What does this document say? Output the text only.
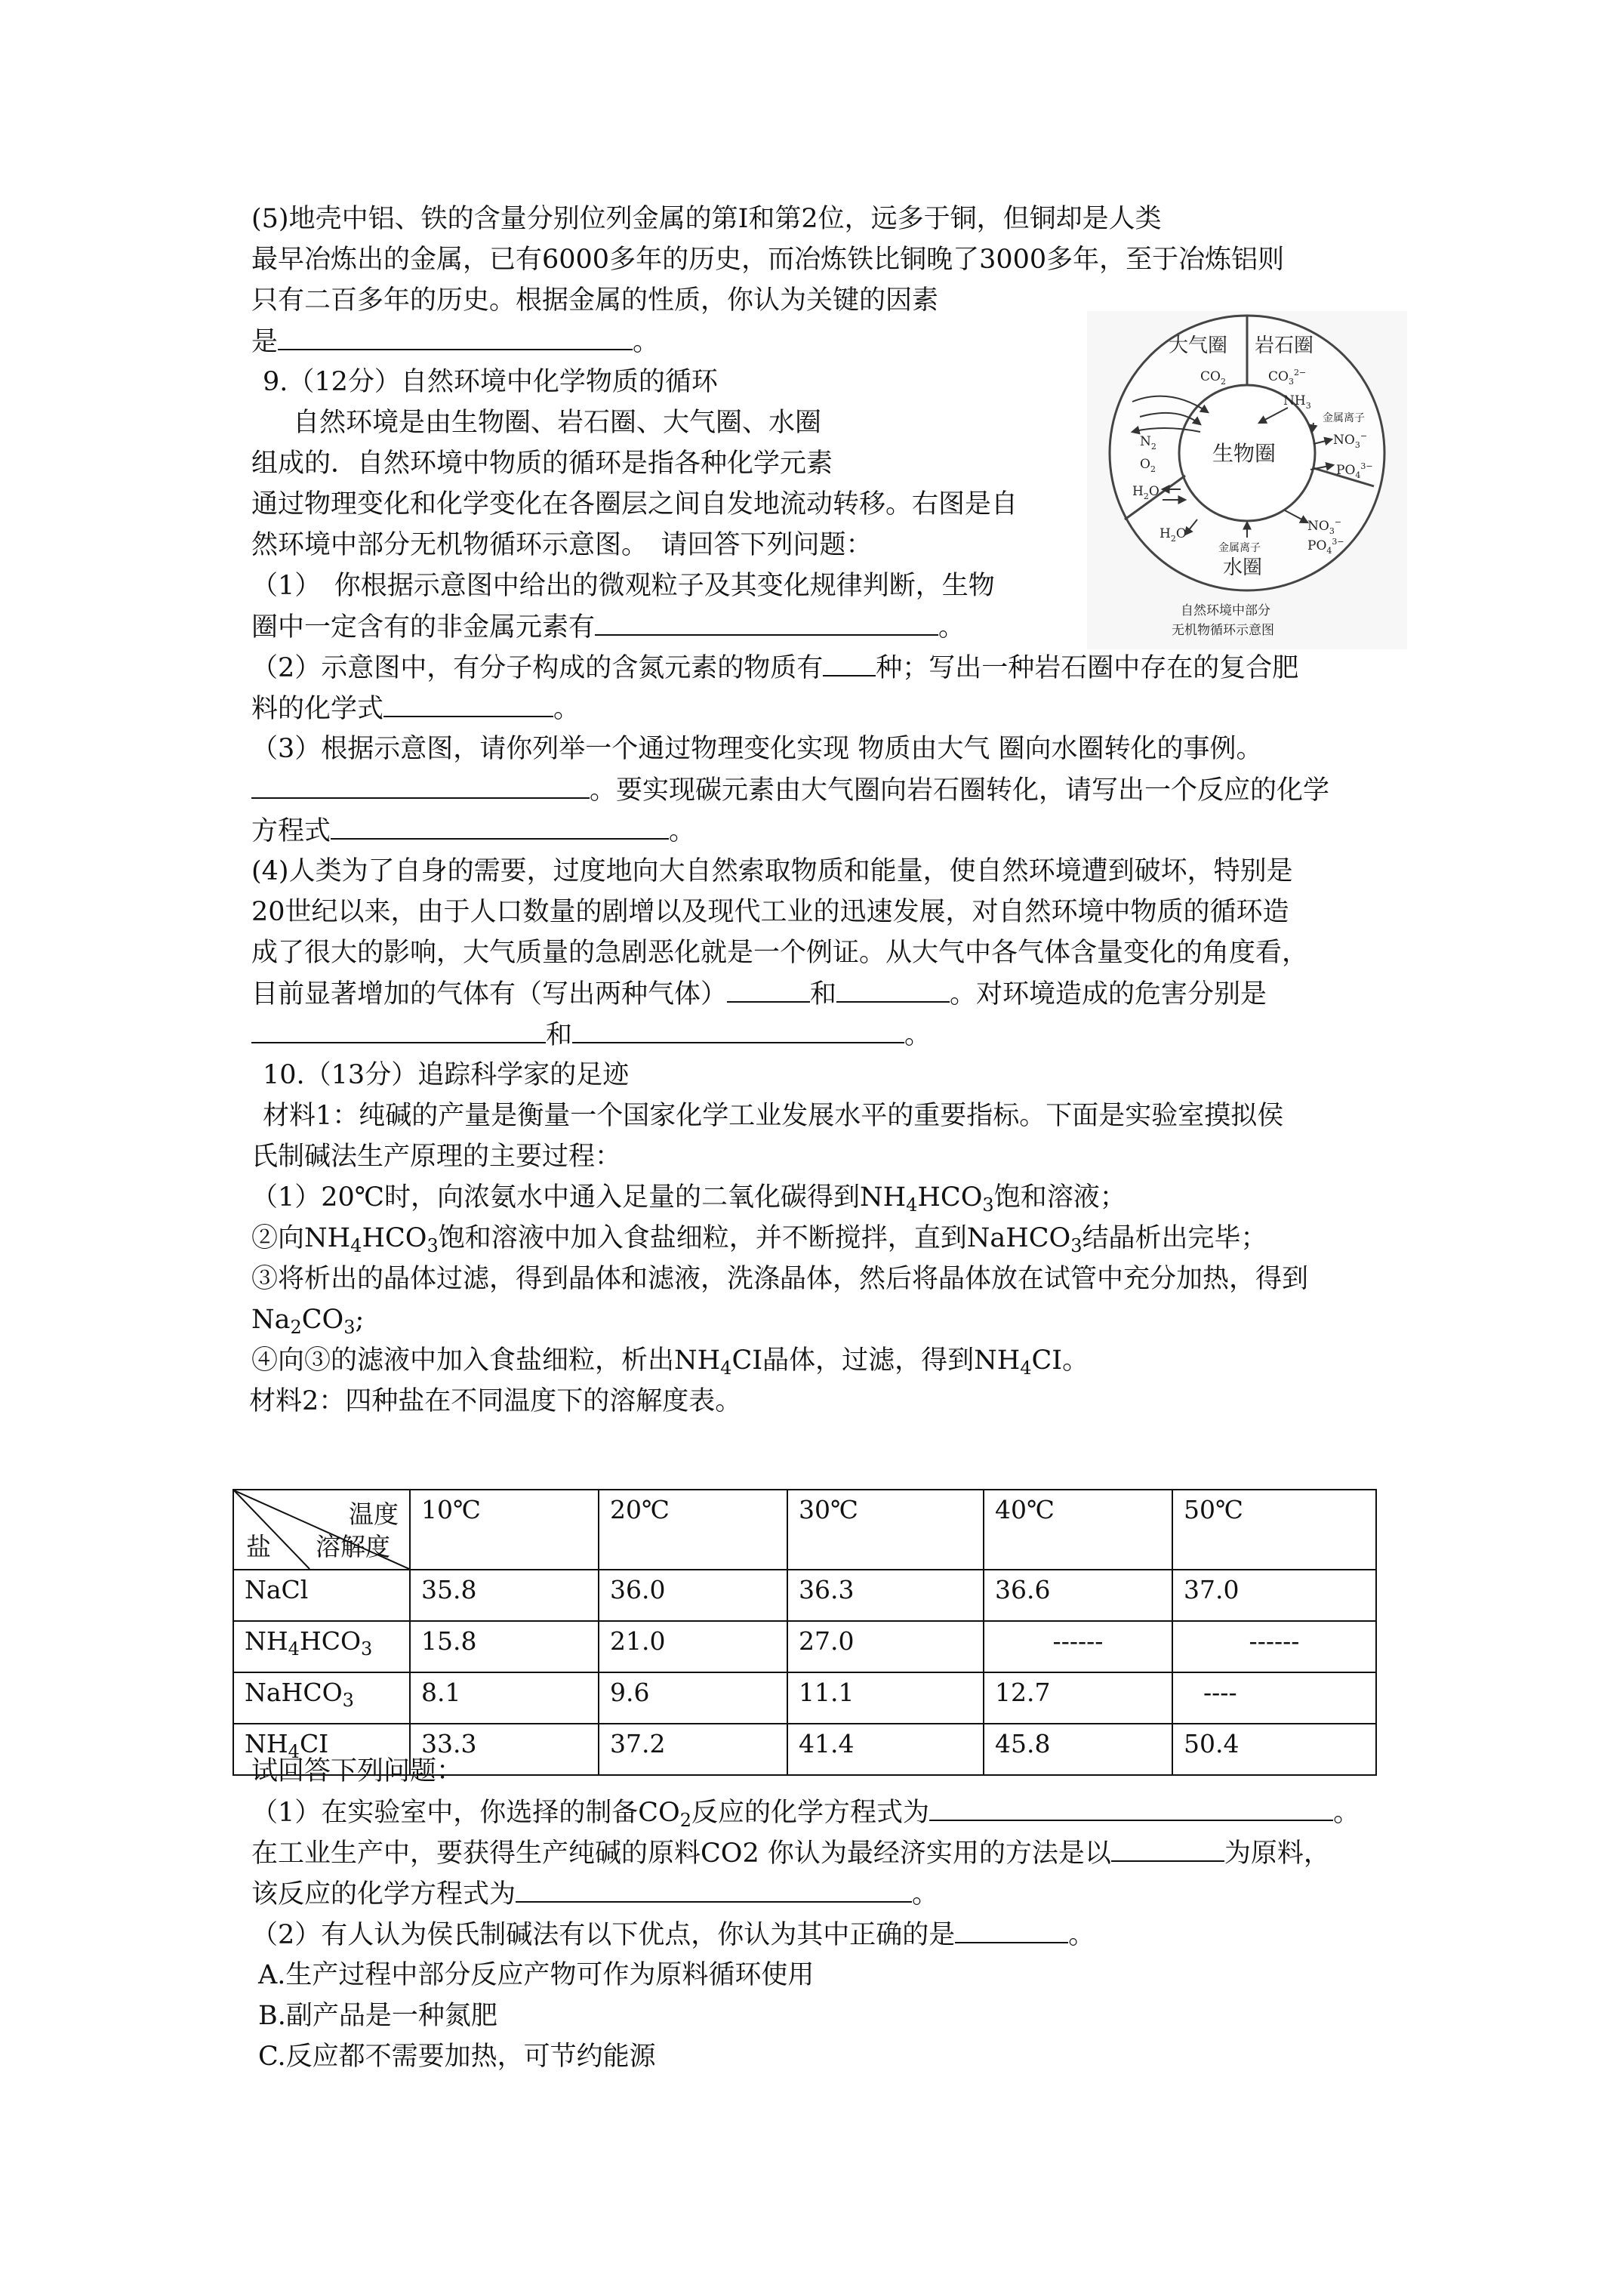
(5)地壳中铝、铁的含量分别位列金属的第Ⅰ和第2位，远多于铜，但铜却是人类
最早冶炼出的金属，已有6000多年的历史，而冶炼铁比铜晚了3000多年，至于冶炼铝则
只有二百多年的历史。根据金属的性质，你认为关键的因素
是	。
9.（12分）自然环境中化学物质的循环
自然环境是由生物圈、岩石圈、大气圈、水圈
组成的．自然环境中物质的循环是指各种化学元素
通过物理变化和化学变化在各圈层之间自发地流动转移。右图是自
然环境中部分无机物循环示意图。　请回答下列问题：
（1）　你根据示意图中给出的微观粒子及其变化规律判断，生物
圈中一定含有的非金属元素有	。
（2）示意图中，有分子构成的含氮元素的物质有 种；写出一种岩石圈中存在的复合肥
料的化学式	。
（3）根据示意图，请你列举一个通过物理变化实现 物质由大气 圈向水圈转化的事例。
。要实现碳元素由大气圈向岩石圈转化，请写出一个反应的化学
方程式	。
(4)人类为了自身的需要，过度地向大自然索取物质和能量，使自然环境遭到破坏，特别是
20世纪以来，由于人口数量的剧增以及现代工业的迅速发展，对自然环境中物质的循环造
成了很大的影响，大气质量的急剧恶化就是一个例证。从大气中各气体含量变化的角度看，
目前显著增加的气体有（写出两种气体）	和	。对环境造成的危害分别是
和	。
10.（13分）追踪科学家的足迹
材料1：纯碱的产量是衡量一个国家化学工业发展水平的重要指标。下面是实验室摸拟侯
氏制碱法生产原理的主要过程：
（1）20℃时，向浓氨水中通入足量的二氧化碳得到$NH_4HCO_3$饱和溶液；
②向$NH_4HCO_3$饱和溶液中加入食盐细粒，并不断搅拌，直到NaHCO$_3$结晶析出完毕；
③将析出的晶体过滤，得到晶体和滤液，洗涤晶体，然后将晶体放在试管中充分加热，得到
$Na_2CO_3$;
④向③的滤液中加入食盐细粒，析出$NH_4CI$晶体，过滤，得到$NH_4CI$。
材料2：四种盐在不同温度下的溶解度表。
温度
盐 溶解度	10℃	20℃	30℃	40℃	50℃
NaCl	35.8	36.0	36.3	36.6	37.0
$NH_4HCO_3$	15.8	21.0	27.0	------	------
NaHCO$_3$	8.1	9.6	11.1	12.7	----
$NH_4CI$	33.3	37.2	41.4	45.8	50.4
试回答下列问题：
（1）在实验室中，你选择的制备$CO_2$反应的化学方程式为	。
在工业生产中，要获得生产纯碱的原料CO2 你认为最经济实用的方法是以	为原料，
该反应的化学方程式为	。
（2）有人认为侯氏制碱法有以下优点，你认为其中正确的是	。
A.生产过程中部分反应产物可作为原料循环使用
B.副产品是一种氮肥
C.反应都不需要加热，可节约能源
大气圈 岩石圈
水圈
生物圈
$CO_2$	$CO_3^{2-}$
$NH_3$
金属离子
$NO_3^-$
$PO_4^{3-}$
$N_2$
$O_2$
$H_2O$
$H_2O$
金属离子
$NO_3^-$
$PO_4^{3-}$
自然环境中部分
无机物循环示意图
